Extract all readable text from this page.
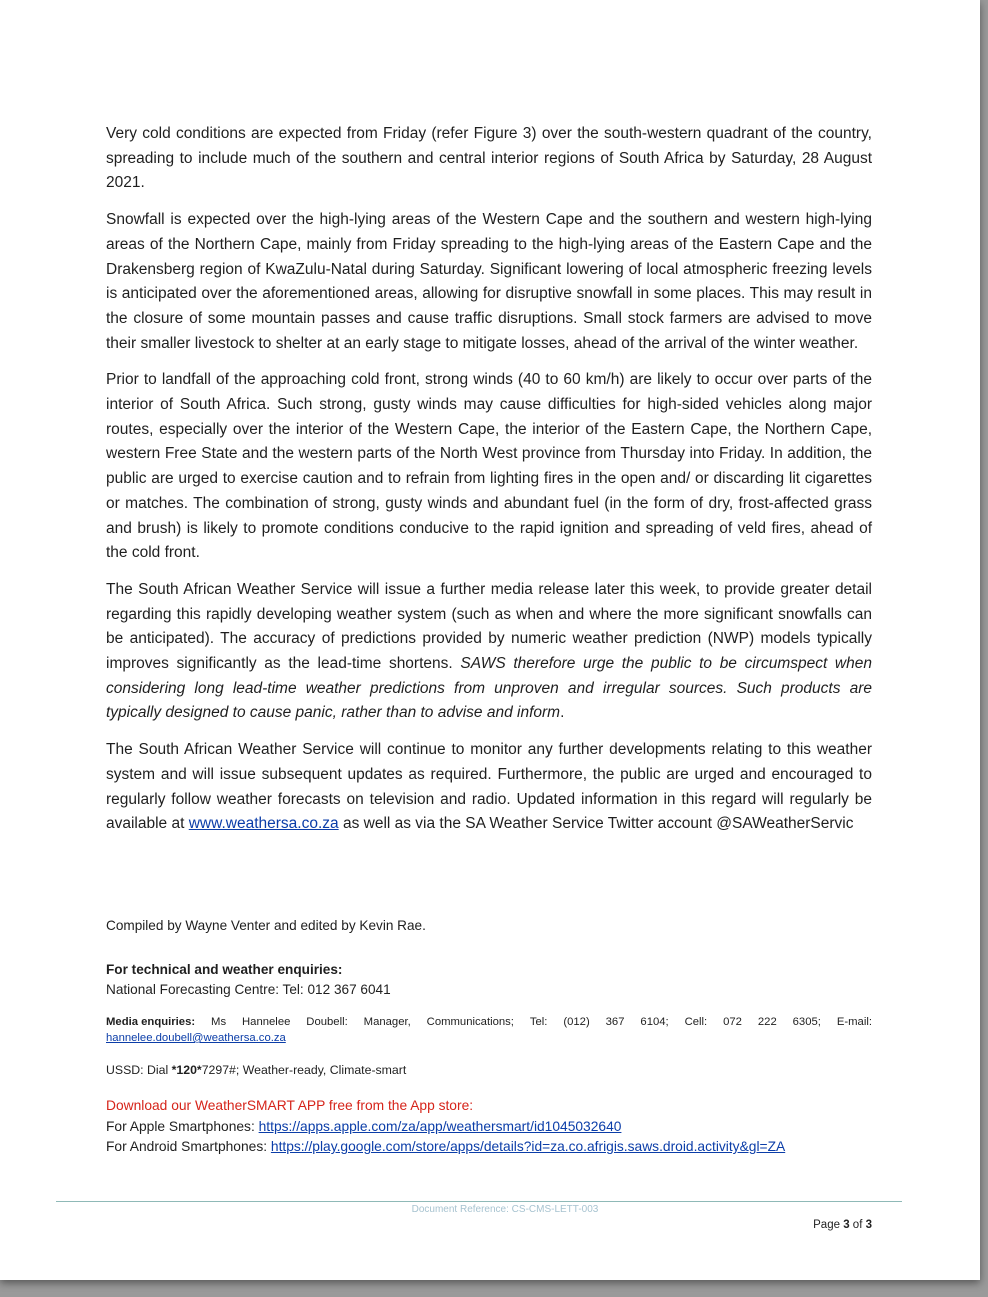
Very cold conditions are expected from Friday (refer Figure 3) over the south-western quadrant of the country, spreading to include much of the southern and central interior regions of South Africa by Saturday, 28 August 2021.

Snowfall is expected over the high-lying areas of the Western Cape and the southern and western high-lying areas of the Northern Cape, mainly from Friday spreading to the high-lying areas of the Eastern Cape and the Drakensberg region of KwaZulu-Natal during Saturday. Significant lowering of local atmospheric freezing levels is anticipated over the aforementioned areas, allowing for disruptive snowfall in some places. This may result in the closure of some mountain passes and cause traffic disruptions. Small stock farmers are advised to move their smaller livestock to shelter at an early stage to mitigate losses, ahead of the arrival of the winter weather.

Prior to landfall of the approaching cold front, strong winds (40 to 60 km/h) are likely to occur over parts of the interior of South Africa. Such strong, gusty winds may cause difficulties for high-sided vehicles along major routes, especially over the interior of the Western Cape, the interior of the Eastern Cape, the Northern Cape, western Free State and the western parts of the North West province from Thursday into Friday. In addition, the public are urged to exercise caution and to refrain from lighting fires in the open and/ or discarding lit cigarettes or matches. The combination of strong, gusty winds and abundant fuel (in the form of dry, frost-affected grass and brush) is likely to promote conditions conducive to the rapid ignition and spreading of veld fires, ahead of the cold front.

The South African Weather Service will issue a further media release later this week, to provide greater detail regarding this rapidly developing weather system (such as when and where the more significant snowfalls can be anticipated). The accuracy of predictions provided by numeric weather prediction (NWP) models typically improves significantly as the lead-time shortens. SAWS therefore urge the public to be circumspect when considering long lead-time weather predictions from unproven and irregular sources. Such products are typically designed to cause panic, rather than to advise and inform.

The South African Weather Service will continue to monitor any further developments relating to this weather system and will issue subsequent updates as required. Furthermore, the public are urged and encouraged to regularly follow weather forecasts on television and radio. Updated information in this regard will regularly be available at www.weathersa.co.za as well as via the SA Weather Service Twitter account @SAWeatherServic

Compiled by Wayne Venter and edited by Kevin Rae.
For technical and weather enquiries:
National Forecasting Centre: Tel: 012 367 6041
Media enquiries: Ms Hannelee Doubell: Manager, Communications; Tel: (012) 367 6104; Cell: 072 222 6305; E-mail:
hannelee.doubell@weathersa.co.za
USSD: Dial *120*7297#; Weather-ready, Climate-smart
Download our WeatherSMART APP free from the App store:
For Apple Smartphones: https://apps.apple.com/za/app/weathersmart/id1045032640
For Android Smartphones: https://play.google.com/store/apps/details?id=za.co.afrigis.saws.droid.activity&gl=ZA
Document Reference: CS-CMS-LETT-003
Page 3 of 3
